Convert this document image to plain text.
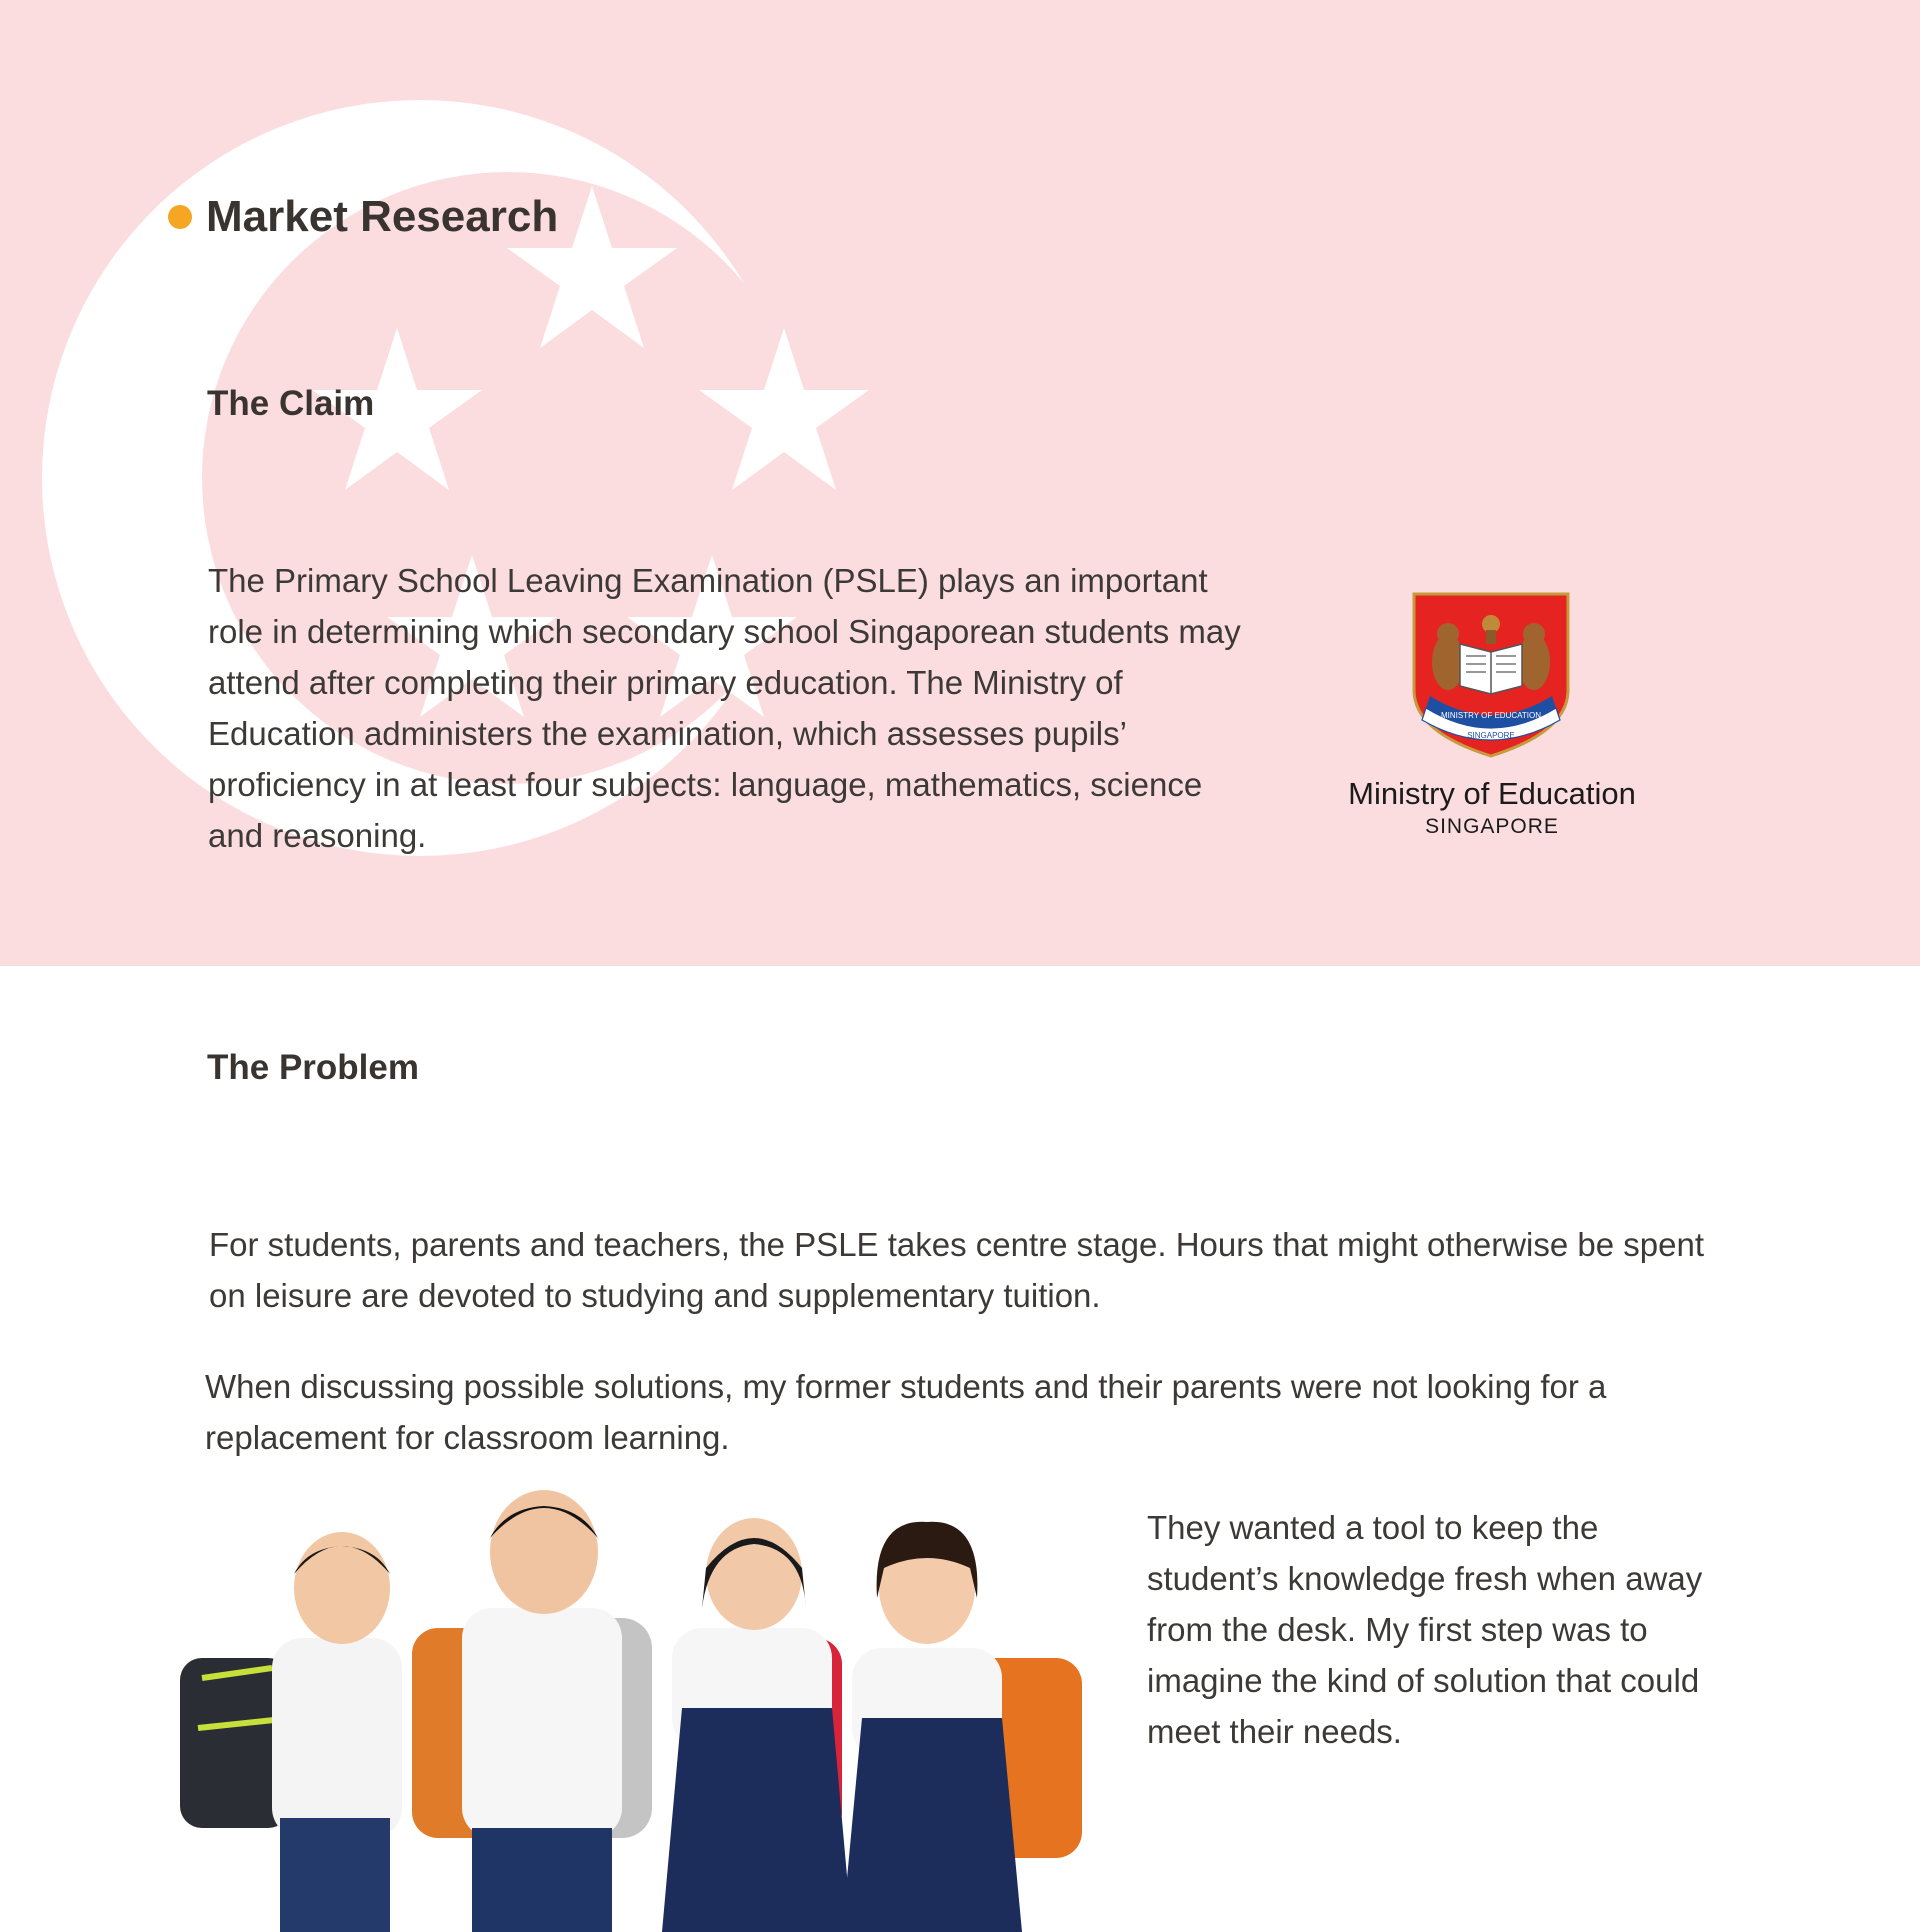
Market Research
The Claim

The Primary School Leaving Examination (PSLE) plays an important role in determining which secondary school Singaporean students may attend after completing their primary education. The Ministry of Education administers the examination, which assesses pupils’ proficiency in at least four subjects: language, mathematics, science and reasoning.

MINISTRY OF EDUCATION
SINGAPORE
Ministry of Education
SINGAPORE
The Problem

For students, parents and teachers, the PSLE takes centre stage. Hours that might otherwise be spent on leisure are devoted to studying and supplementary tuition.

When discussing possible solutions, my former students and their parents were not looking for a replacement for classroom learning.

They wanted a tool to keep the student’s knowledge fresh when away from the desk. My first step was to imagine the kind of solution that could meet their needs.
